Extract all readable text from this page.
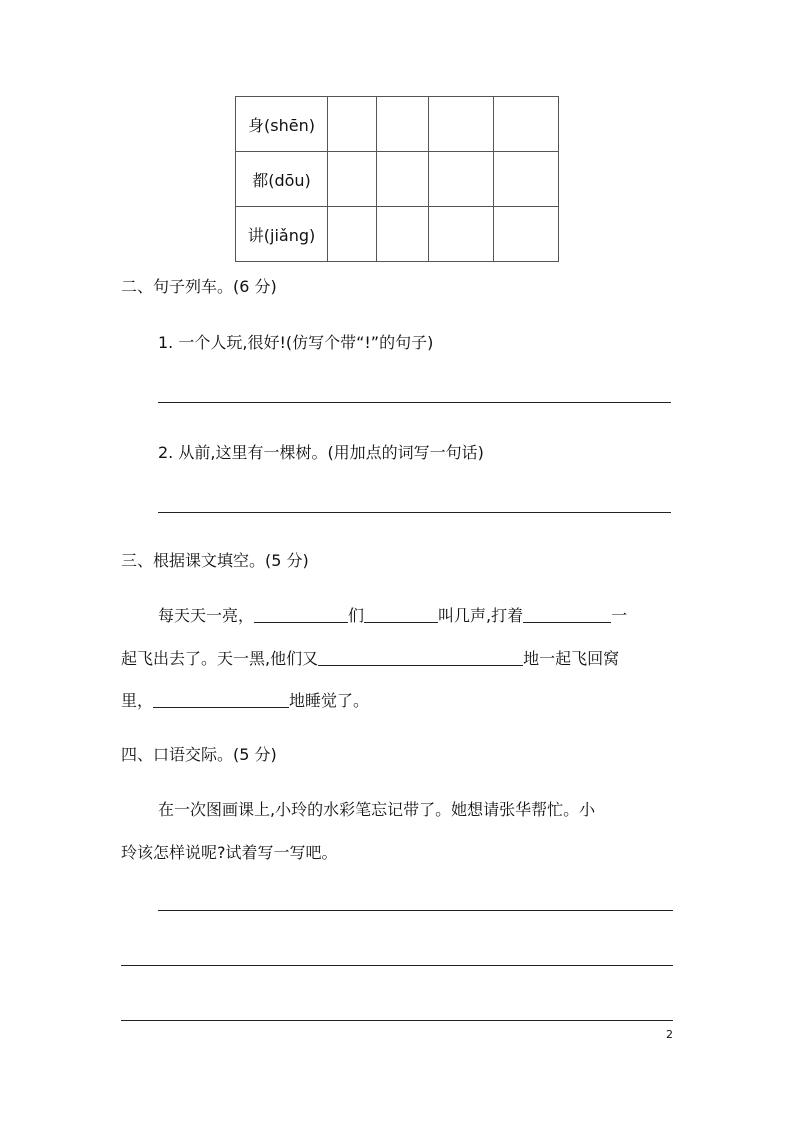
身(shēn)				
都(dōu)				
讲(jiǎng)				
二、句子列车。(6 分)
1. 一个人玩,很好!(仿写个带“!”的句子)
2. 从前,这里有一棵树。(用加点的词写一句话)
三、根据课文填空。(5 分)
每天天一亮，	们	叫几声,打着	一
起飞出去了。天一黑,他们又	地一起飞回窝
里，	地睡觉了。
四、口语交际。(5 分)
在一次图画课上,小玲的水彩笔忘记带了。她想请张华帮忙。小
玲该怎样说呢?试着写一写吧。
2
